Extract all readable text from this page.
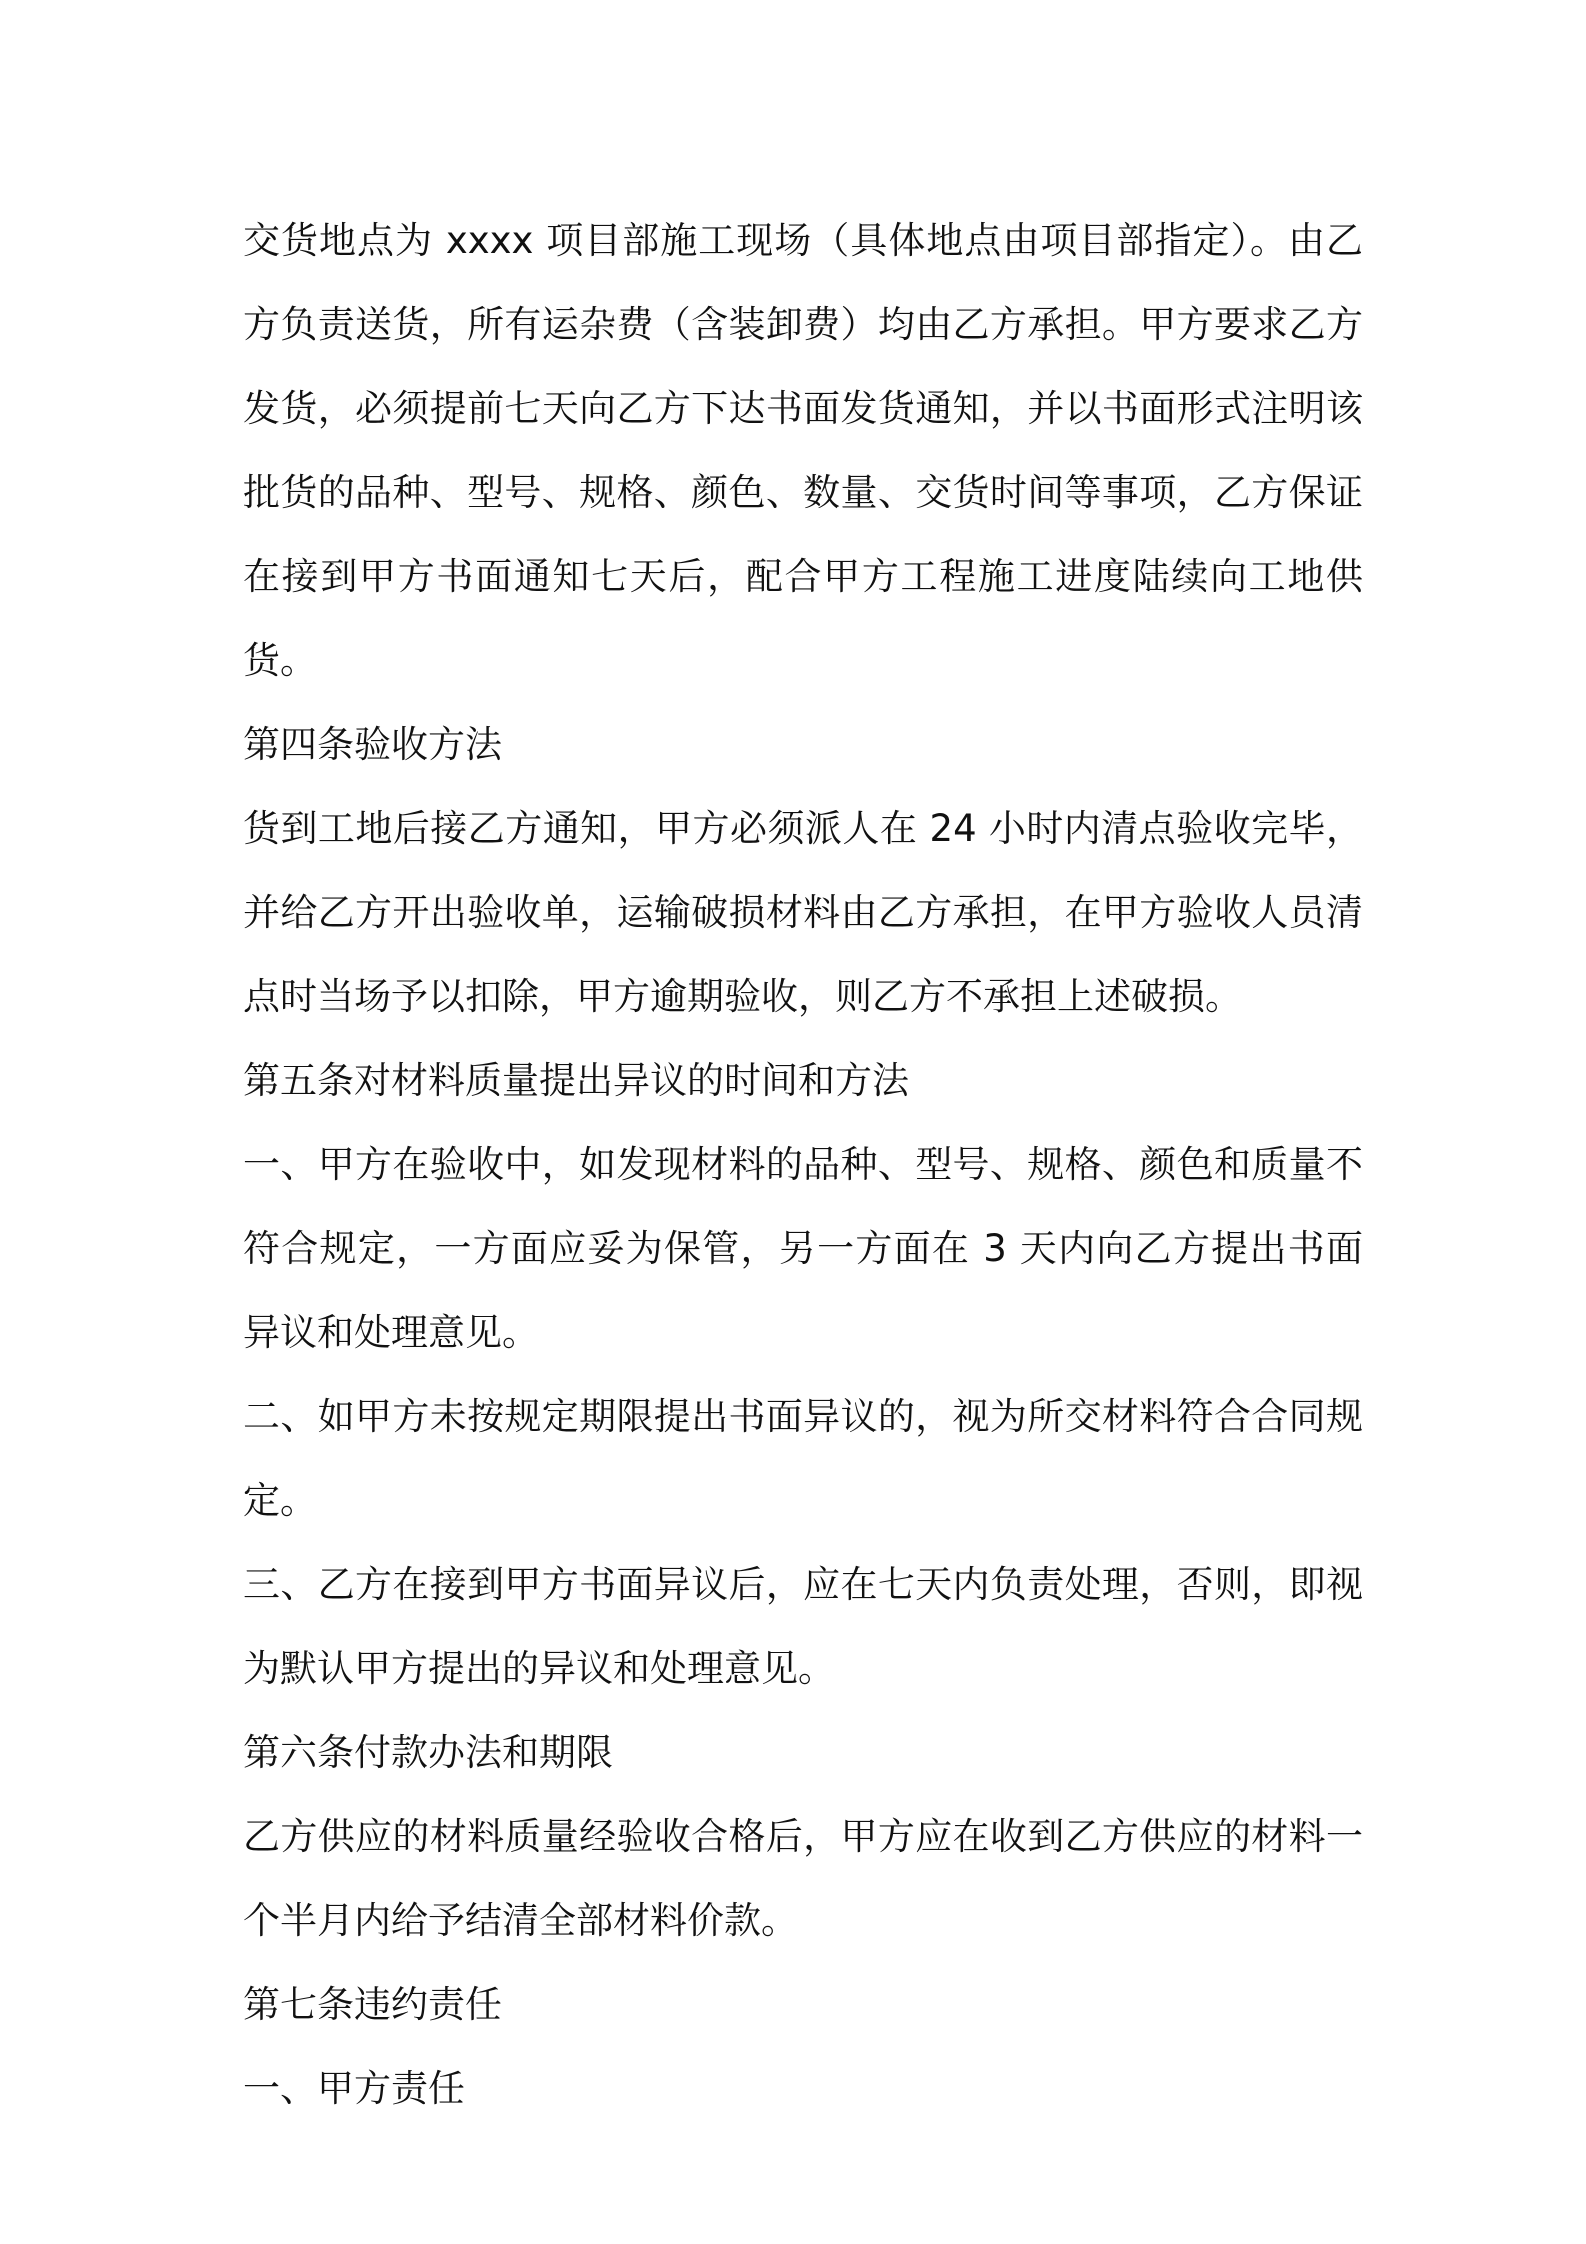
交货地点为 xxxx 项目部施工现场（具体地点由项目部指定）。由乙方负责送货，所有运杂费（含装卸费）均由乙方承担。甲方要求乙方发货，必须提前七天向乙方下达书面发货通知，并以书面形式注明该批货的品种、型号、规格、颜色、数量、交货时间等事项，乙方保证在接到甲方书面通知七天后，配合甲方工程施工进度陆续向工地供货。

第四条验收方法

货到工地后接乙方通知，甲方必须派人在 24 小时内清点验收完毕，并给乙方开出验收单，运输破损材料由乙方承担，在甲方验收人员清点时当场予以扣除，甲方逾期验收，则乙方不承担上述破损。

第五条对材料质量提出异议的时间和方法

一、甲方在验收中，如发现材料的品种、型号、规格、颜色和质量不符合规定，一方面应妥为保管，另一方面在 3 天内向乙方提出书面异议和处理意见。

二、如甲方未按规定期限提出书面异议的，视为所交材料符合合同规定。

三、乙方在接到甲方书面异议后，应在七天内负责处理，否则，即视为默认甲方提出的异议和处理意见。

第六条付款办法和期限

乙方供应的材料质量经验收合格后，甲方应在收到乙方供应的材料一个半月内给予结清全部材料价款。

第七条违约责任

一、甲方责任
